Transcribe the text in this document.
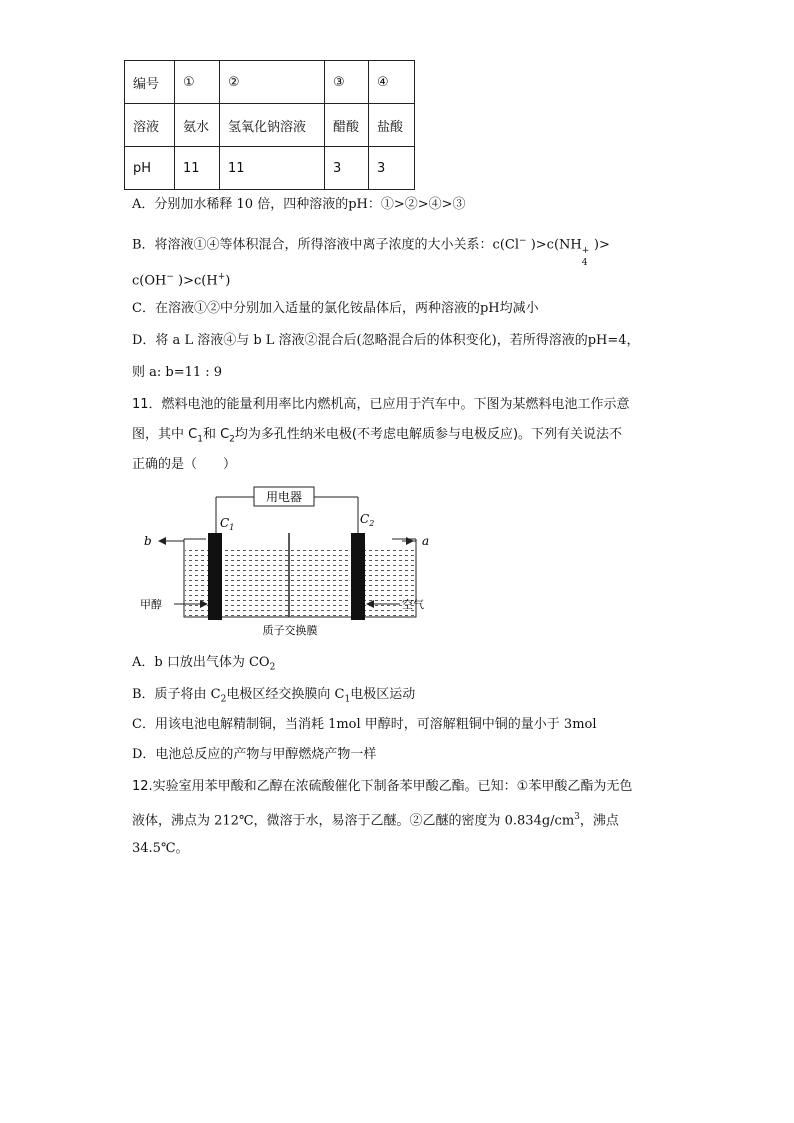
编号	①	②	③	④
溶液	氨水	氢氧化钠溶液	醋酸	盐酸
pH	11	11	3	3
A．分别加水稀释 10 倍，四种溶液的pH：①>②>④>③
B．将溶液①④等体积混合，所得溶液中离子浓度的大小关系：c(Cl− )>c(NH +
4
)>
c(OH− )>c(H+)
C．在溶液①②中分别加入适量的氯化铵晶体后，两种溶液的pH均减小
D．将 a L 溶液④与 b L 溶液②混合后(忽略混合后的体积变化)，若所得溶液的pH=4，
则 a: b=11 : 9
11．燃料电池的能量利用率比内燃机高，已应用于汽车中。下图为某燃料电池工作示意
图，其中 $C_1$和 $C_2$均为多孔性纳米电极(不考虑电解质参与电极反应)。下列有关说法不
正确的是（　　）
用电器
$C_1$
$C_2$
b	a
甲醇	空气
质子交换膜
A．b 口放出气体为 $CO_2$
B．质子将由 $C_2$电极区经交换膜向 $C_1$电极区运动
C．用该电池电解精制铜，当消耗 1mol 甲醇时，可溶解粗铜中铜的量小于 3mol
D．电池总反应的产物与甲醇燃烧产物一样
12.实验室用苯甲酸和乙醇在浓硫酸催化下制备苯甲酸乙酯。已知：①苯甲酸乙酯为无色
液体，沸点为 212℃，微溶于水，易溶于乙醚。②乙醚的密度为 $0.834g/cm^3$，沸点
34.5℃。
